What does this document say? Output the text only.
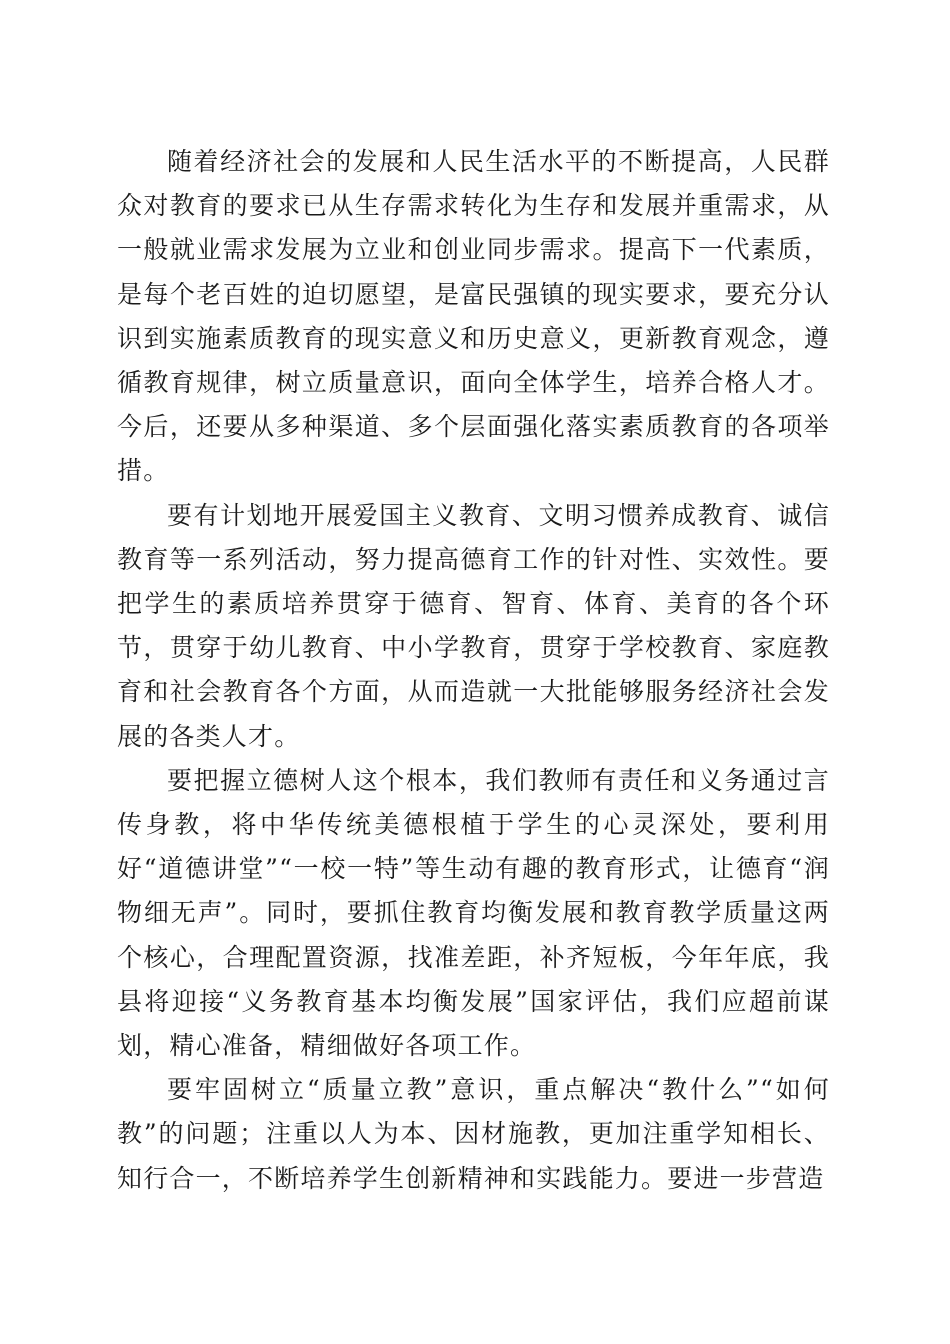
随着经济社会的发展和人民生活水平的不断提高，人民群众对教育的要求已从生存需求转化为生存和发展并重需求，从一般就业需求发展为立业和创业同步需求。提高下一代素质，是每个老百姓的迫切愿望，是富民强镇的现实要求，要充分认识到实施素质教育的现实意义和历史意义，更新教育观念，遵循教育规律，树立质量意识，面向全体学生，培养合格人才。今后，还要从多种渠道、多个层面强化落实素质教育的各项举措。

要有计划地开展爱国主义教育、文明习惯养成教育、诚信教育等一系列活动，努力提高德育工作的针对性、实效性。要把学生的素质培养贯穿于德育、智育、体育、美育的各个环节，贯穿于幼儿教育、中小学教育，贯穿于学校教育、家庭教育和社会教育各个方面，从而造就一大批能够服务经济社会发展的各类人才。

要把握立德树人这个根本，我们教师有责任和义务通过言传身教，将中华传统美德根植于学生的心灵深处，要利用好“道德讲堂”“一校一特”等生动有趣的教育形式，让德育“润物细无声”。同时，要抓住教育均衡发展和教育教学质量这两个核心，合理配置资源，找准差距，补齐短板，今年年底，我县将迎接“义务教育基本均衡发展”国家评估，我们应超前谋划，精心准备，精细做好各项工作。

要牢固树立“质量立教”意识，重点解决“教什么”“如何教”的问题；注重以人为本、因材施教，更加注重学知相长、知行合一，不断培养学生创新精神和实践能力。要进一步营造
